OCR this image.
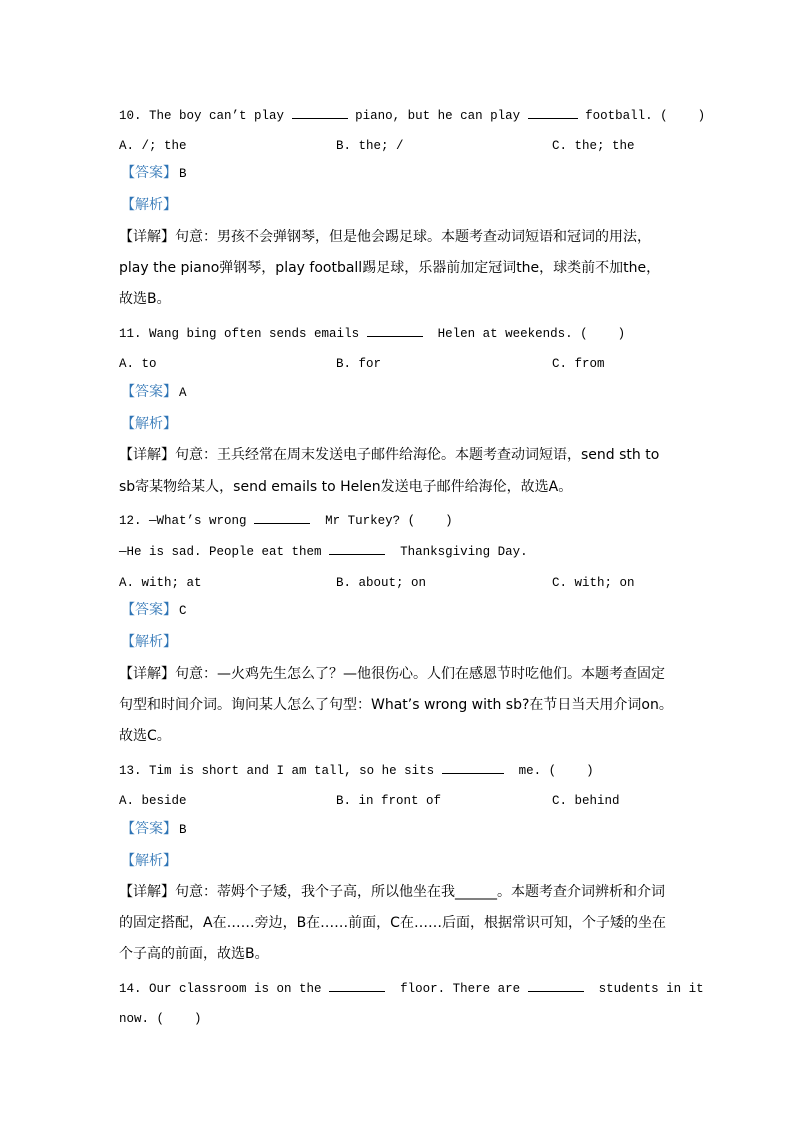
10. The boy can’t play	piano, but he can play	football. (    )
A. /; the	B. the; /	C. the; the
【答案】 B
【解析】
【详解】句意：男孩不会弹钢琴，但是他会踢足球。本题考查动词短语和冠词的用法，
play the piano弹钢琴，play football踢足球，乐器前加定冠词the，球类前不加the，
故选B。
11. Wang bing often sends emails	Helen at weekends. (    )
A. to	B. for	C. from
【答案】 A
【解析】
【详解】句意：王兵经常在周末发送电子邮件给海伦。本题考查动词短语，send sth to
sb寄某物给某人，send emails to Helen发送电子邮件给海伦，故选A。
12. —What’s wrong	Mr Turkey? (    )
—He is sad. People eat them	Thanksgiving Day.
A. with; at	B. about; on	C. with; on
【答案】 C
【解析】
【详解】句意：—火鸡先生怎么了？—他很伤心。人们在感恩节时吃他们。本题考查固定
句型和时间介词。询问某人怎么了句型：What’s wrong with sb?在节日当天用介词on。
故选C。
13. Tim is short and I am tall, so he sits	me. (    )
A. beside	B. in front of	C. behind
【答案】 B
【解析】
【详解】句意：蒂姆个子矮，我个子高，所以他坐在我______。本题考查介词辨析和介词
的固定搭配，A在……旁边，B在……前面，C在……后面，根据常识可知，个子矮的坐在
个子高的前面，故选B。
14. Our classroom is on the	floor. There are	students in it
now. (    )
